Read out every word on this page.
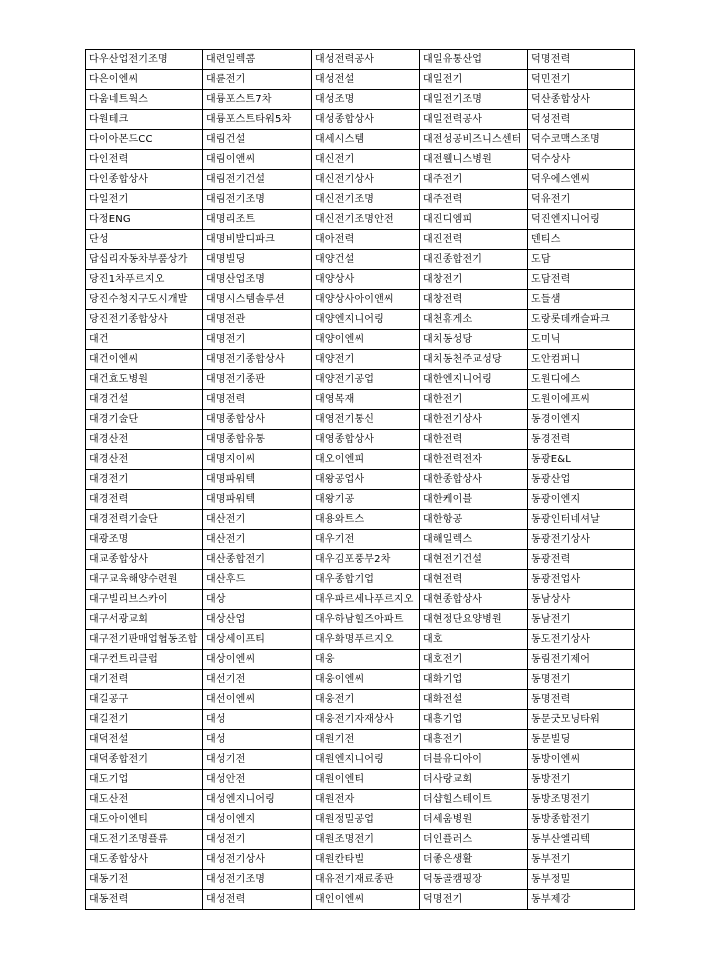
다우산업전기조명	대련일렉콤	대성전력공사	대일유통산업	덕명전력
다은이엔씨	대륜전기	대성전설	대일전기	덕민전기
다움네트웍스	대륭포스트7차	대성조명	대일전기조명	덕산종합상사
다원테크	대륭포스트타워5차	대성종합상사	대일전력공사	덕성전력
다이아몬드CC	대림건설	대세시스템	대전성공비즈니스센터	덕수코맥스조명
다인전력	대림이앤씨	대신전기	대전웰니스병원	덕수상사
다인종합상사	대림전기건설	대신전기상사	대주전기	덕우에스엔씨
다일전기	대림전기조명	대신전기조명	대주전력	덕유전기
다정ENG	대명리조트	대신전기조명안전	대진디엠피	덕진엔지니어링
단성	대명비발디파크	대아전력	대진전력	덴티스
답십리자동차부품상가	대명빌딩	대양건설	대진종합전기	도담
당진1차푸르지오	대명산업조명	대양상사	대창전기	도담전력
당진수청지구도시개발	대명시스템솔루션	대양상사아이앤씨	대창전력	도들샘
당진전기종합상사	대명전관	대양엔지니어링	대천휴게소	도랑롯데캐슬파크
대건	대명전기	대양이엔씨	대치동성당	도미닉
대건이엔씨	대명전기종합상사	대양전기	대치동천주교성당	도안컴퍼니
대건효도병원	대명전기종판	대양전기공업	대한엔지니어링	도원디에스
대경건설	대명전력	대영목재	대한전기	도원이에프씨
대경기술단	대명종합상사	대영전기통신	대한전기상사	동경이엔지
대경산전	대명종합유통	대영종합상사	대한전력	동경전력
대경산전	대명지이씨	대오이엔피	대한전력전자	동광E&L
대경전기	대명파워텍	대왕공업사	대한종합상사	동광산업
대경전력	대명파워텍	대왕기공	대한케이블	동광이엔지
대경전력기술단	대산전기	대용와트스	대한항공	동광인터네셔날
대광조명	대산전기	대우기전	대해일렉스	동광전기상사
대교종합상사	대산종합전기	대우김포풍무2차	대현전기건설	동광전력
대구교육해양수련원	대산후드	대우종합기업	대현전력	동광전업사
대구빌리브스카이	대상	대우파르세나푸르지오	대현종합상사	동남상사
대구서광교회	대상산업	대우하남힐즈아파트	대현정단요양병원	동남전기
대구전기판매업협동조합	대상세이프티	대우화명푸르지오	대호	동도전기상사
대구컨트리클럽	대상이엔씨	대웅	대호전기	동림전기제어
대기전력	대선기전	대웅이엔씨	대화기업	동명전기
대길공구	대선이엔씨	대웅전기	대화전설	동명전력
대길전기	대성	대웅전기자재상사	대흥기업	동문굿모닝타워
대덕전설	대성	대원기전	대흥전기	동문빌딩
대덕종합전기	대성기전	대원엔지니어링	더블유디아이	동방이엔씨
대도기업	대성안전	대원이엔티	더사랑교회	동방전기
대도산전	대성엔지니어링	대원전자	더샵힐스테이트	동방조명전기
대도아이엔티	대성이엔지	대원정밀공업	더세움병원	동방종합전기
대도전기조명플류	대성전기	대원조명전기	더인플러스	동부산엘리텍
대도종합상사	대성전기상사	대원칸타빌	더좋은생활	동부전기
대동기전	대성전기조명	대유전기재료종판	덕동골캠핑장	동부정밀
대동전력	대성전력	대인이엔씨	덕명전기	동부제강
